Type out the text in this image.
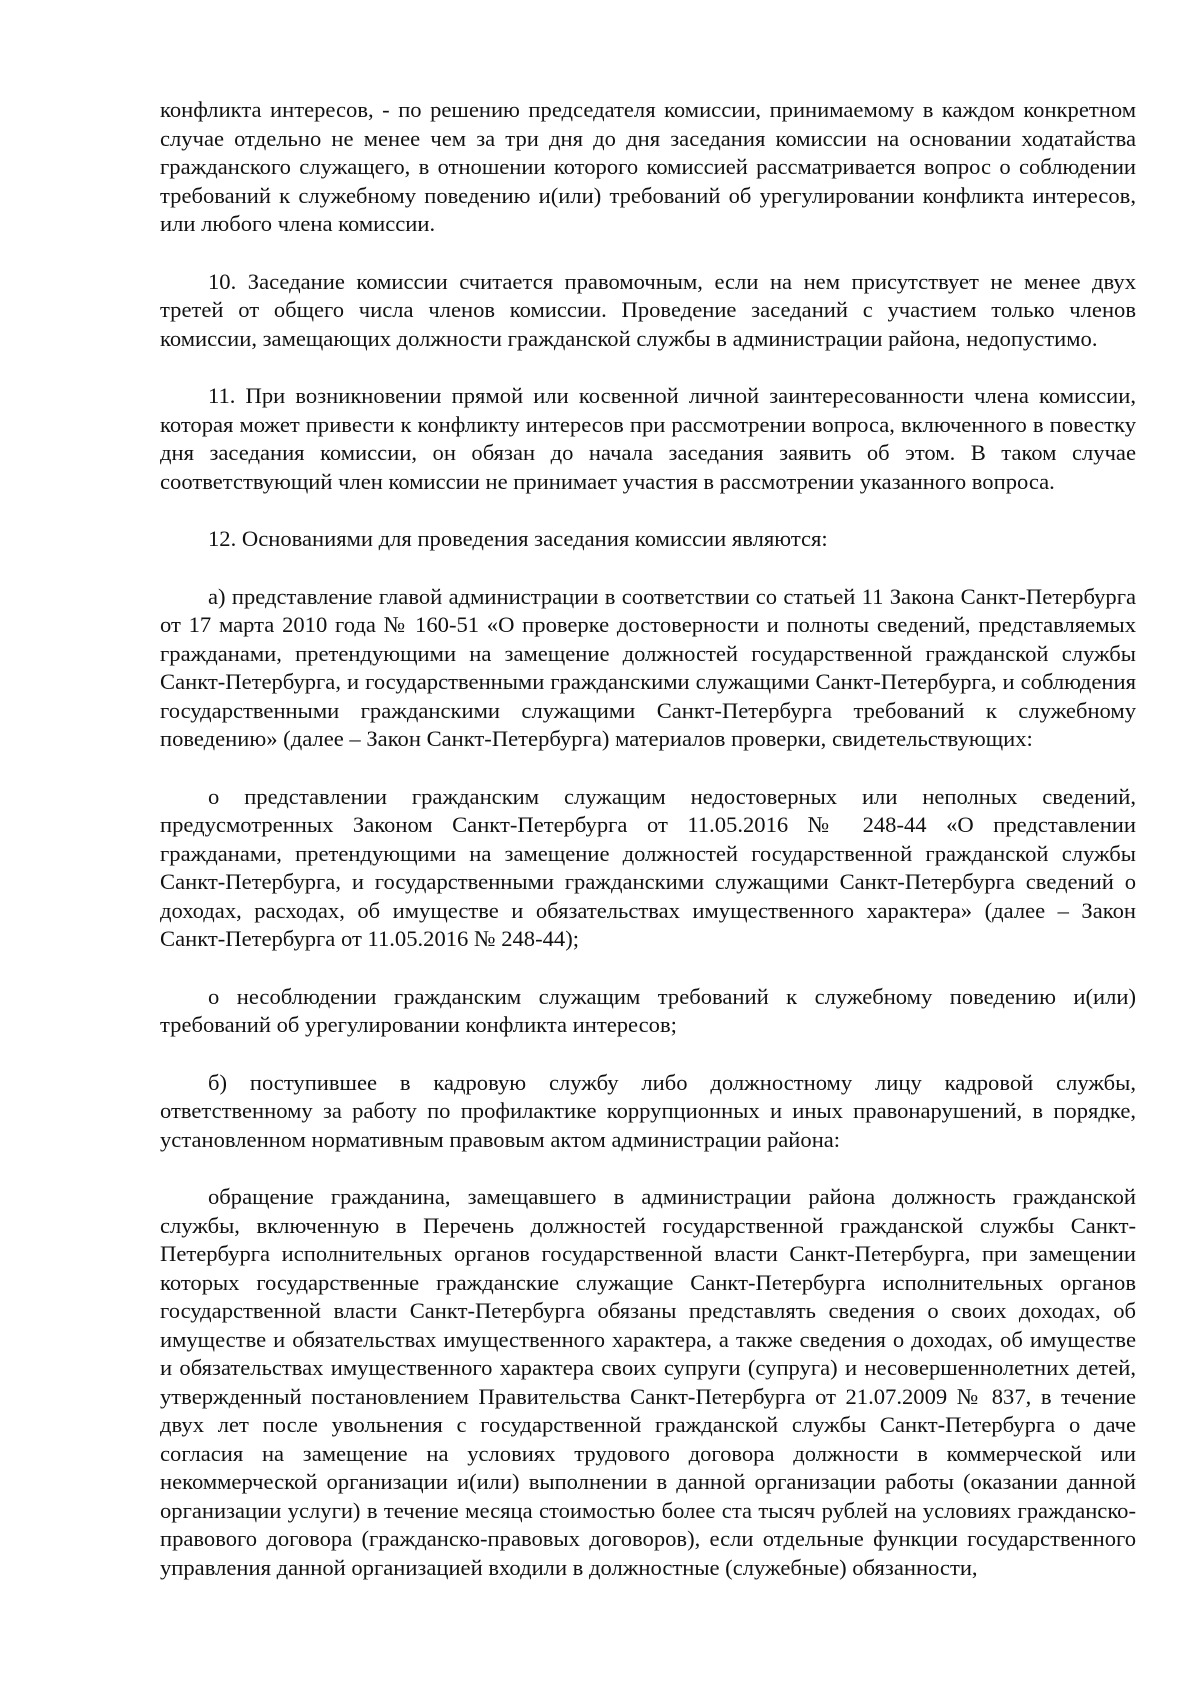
конфликта интересов, - по решению председателя комиссии, принимаемому в каждом конкретном случае отдельно не менее чем за три дня до дня заседания комиссии на основании ходатайства гражданского служащего, в отношении которого комиссией рассматривается вопрос о соблюдении требований к служебному поведению и(или) требований об урегулировании конфликта интересов, или любого члена комиссии.

10. Заседание комиссии считается правомочным, если на нем присутствует не менее двух третей от общего числа членов комиссии. Проведение заседаний с участием только членов комиссии, замещающих должности гражданской службы в администрации района, недопустимо.

11. При возникновении прямой или косвенной личной заинтересованности члена комиссии, которая может привести к конфликту интересов при рассмотрении вопроса, включенного в повестку дня заседания комиссии, он обязан до начала заседания заявить об этом. В таком случае соответствующий член комиссии не принимает участия в рассмотрении указанного вопроса.

12. Основаниями для проведения заседания комиссии являются:

а) представление главой администрации в соответствии со статьей 11 Закона Санкт-Петербурга от 17 марта 2010 года № 160-51 «О проверке достоверности и полноты сведений, представляемых гражданами, претендующими на замещение должностей государственной гражданской службы Санкт-Петербурга, и государственными гражданскими служащими Санкт-Петербурга, и соблюдения государственными гражданскими служащими Санкт-Петербурга требований к служебному поведению» (далее – Закон Санкт-Петербурга) материалов проверки, свидетельствующих:

о представлении гражданским служащим недостоверных или неполных сведений, предусмотренных Законом Санкт-Петербурга от 11.05.2016 № 248-44 «О представлении гражданами, претендующими на замещение должностей государственной гражданской службы Санкт-Петербурга, и государственными гражданскими служащими Санкт-Петербурга сведений о доходах, расходах, об имуществе и обязательствах имущественного характера» (далее – Закон Санкт-Петербурга от 11.05.2016 № 248-44);

о несоблюдении гражданским служащим требований к служебному поведению и(или) требований об урегулировании конфликта интересов;

б) поступившее в кадровую службу либо должностному лицу кадровой службы, ответственному за работу по профилактике коррупционных и иных правонарушений, в порядке, установленном нормативным правовым актом администрации района:

обращение гражданина, замещавшего в администрации района должность гражданской службы, включенную в Перечень должностей государственной гражданской службы Санкт-Петербурга исполнительных органов государственной власти Санкт-Петербурга, при замещении которых государственные гражданские служащие Санкт-Петербурга исполнительных органов государственной власти Санкт-Петербурга обязаны представлять сведения о своих доходах, об имуществе и обязательствах имущественного характера, а также сведения о доходах, об имуществе и обязательствах имущественного характера своих супруги (супруга) и несовершеннолетних детей, утвержденный постановлением Правительства Санкт-Петербурга от 21.07.2009 № 837, в течение двух лет после увольнения с государственной гражданской службы Санкт-Петербурга о даче согласия на замещение на условиях трудового договора должности в коммерческой или некоммерческой организации и(или) выполнении в данной организации работы (оказании данной организации услуги) в течение месяца стоимостью более ста тысяч рублей на условиях гражданско-правового договора (гражданско-правовых договоров), если отдельные функции государственного управления данной организацией входили в должностные (служебные) обязанности,
